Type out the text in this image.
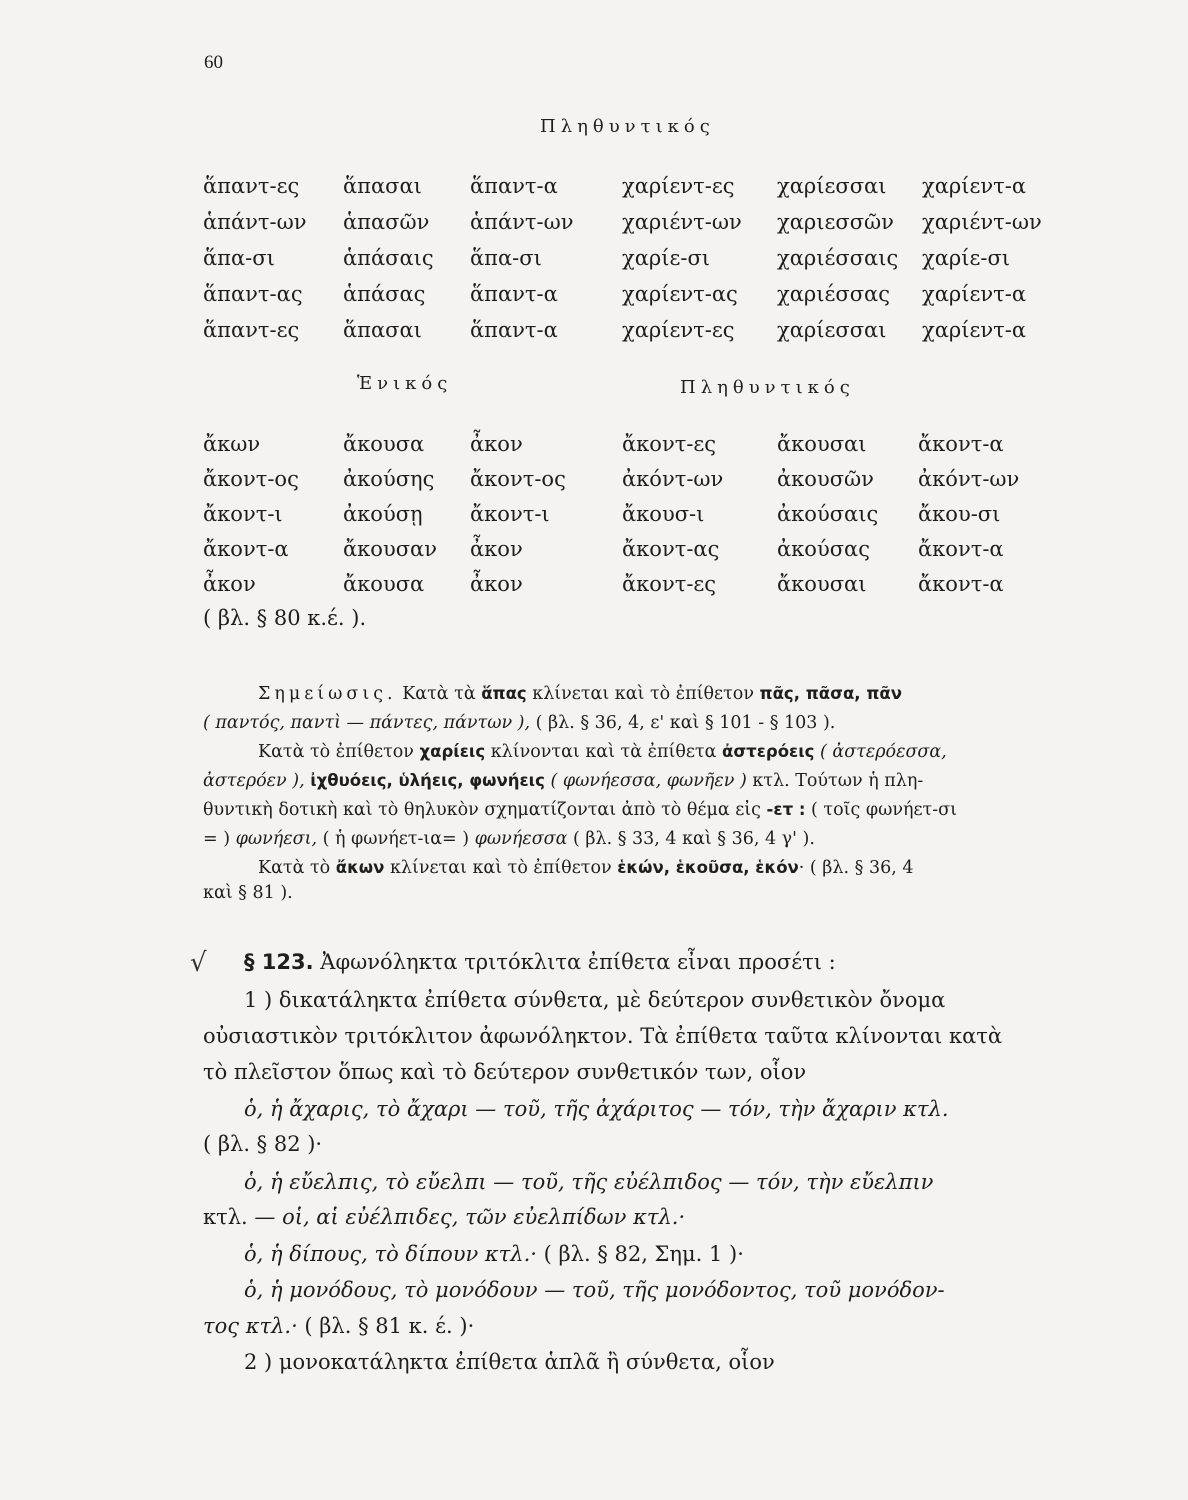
60
Πληθυντικός
ἅπαντ-ες ἅπασαι ἅπαντ-α	χαρίεντ-ες χαρίεσσαι χαρίεντ-α
ἁπάντ-ων ἁπασῶν ἁπάντ-ων χαριέντ-ων χαριεσσῶν χαριέντ-ων
ἅπα-σι	ἁπάσαις ἅπα-σι	χαρίε-σι	χαριέσσαις χαρίε-σι
ἅπαντ-ας ἁπάσας ἅπαντ-α	χαρίεντ-ας χαριέσσας χαρίεντ-α
ἅπαντ-ες ἅπασαι ἅπαντ-α	χαρίεντ-ες χαρίεσσαι χαρίεντ-α
Ἑνικός	Πληθυντικός
ἄκων	ἄκουσα ἆκον	ἄκοντ-ες	ἄκουσαι ἄκοντ-α
ἄκοντ-ος ἀκούσης ἄκοντ-ος	ἀκόντ-ων	ἀκουσῶν ἀκόντ-ων
ἄκοντ-ι	ἀκούσῃ ἄκοντ-ι	ἄκουσ-ι	ἀκούσαις ἄκου-σι
ἄκοντ-α	ἄκουσαν ἆκον	ἄκοντ-ας	ἀκούσας ἄκοντ-α
ἆκον	ἄκουσα ἆκον	ἄκοντ-ες	ἄκουσαι ἄκοντ-α
( βλ. § 80 κ.έ. ).
Σημείωσις. Κατὰ τὰ ἅπας κλίνεται καὶ τὸ ἐπίθετον πᾶς, πᾶσα, πᾶν
( παντός, παντὶ — πάντες, πάντων ), ( βλ. § 36, 4, ε' καὶ § 101 - § 103 ).
Κατὰ τὸ ἐπίθετον χαρίεις κλίνονται καὶ τὰ ἐπίθετα ἀστερόεις ( ἀστερόεσσα,
ἀστερόεν ), ἰχθυόεις, ὑλήεις, φωνήεις ( φωνήεσσα, φωνῆεν ) κτλ. Τούτων ἡ πλη-
θυντικὴ δοτικὴ καὶ τὸ θηλυκὸν σχηματίζονται ἀπὸ τὸ θέμα εἰς -ετ : ( τοῖς φωνήετ-σι
= ) φωνήεσι, ( ἡ φωνήετ-ια= ) φωνήεσσα ( βλ. § 33, 4 καὶ § 36, 4 γ' ).
Κατὰ τὸ ἄκων κλίνεται καὶ τὸ ἐπίθετον ἑκών, ἑκοῦσα, ἑκόν· ( βλ. § 36, 4
καὶ § 81 ).
√ § 123. Ἀφωνόληκτα τριτόκλιτα ἐπίθετα εἶναι προσέτι :
1 ) δικατάληκτα ἐπίθετα σύνθετα, μὲ δεύτερον συνθετικὸν ὄνομα
οὐσιαστικὸν τριτόκλιτον ἀφωνόληκτον. Τὰ ἐπίθετα ταῦτα κλίνονται κατὰ
τὸ πλεῖστον ὅπως καὶ τὸ δεύτερον συνθετικόν των, οἷον
ὁ, ἡ ἄχαρις, τὸ ἄχαρι — τοῦ, τῆς ἀχάριτος — τόν, τὴν ἄχαριν κτλ.
( βλ. § 82 )·
ὁ, ἡ εὔελπις, τὸ εὔελπι — τοῦ, τῆς εὐέλπιδος — τόν, τὴν εὔελπιν
κτλ. — οἱ, αἱ εὐέλπιδες, τῶν εὐελπίδων κτλ.·
ὁ, ἡ δίπους, τὸ δίπουν κτλ.· ( βλ. § 82, Σημ. 1 )·
ὁ, ἡ μονόδους, τὸ μονόδουν — τοῦ, τῆς μονόδοντος, τοῦ μονόδον-
τος κτλ.· ( βλ. § 81 κ. έ. )·
2 ) μονοκατάληκτα ἐπίθετα ἁπλᾶ ἢ σύνθετα, οἷον
